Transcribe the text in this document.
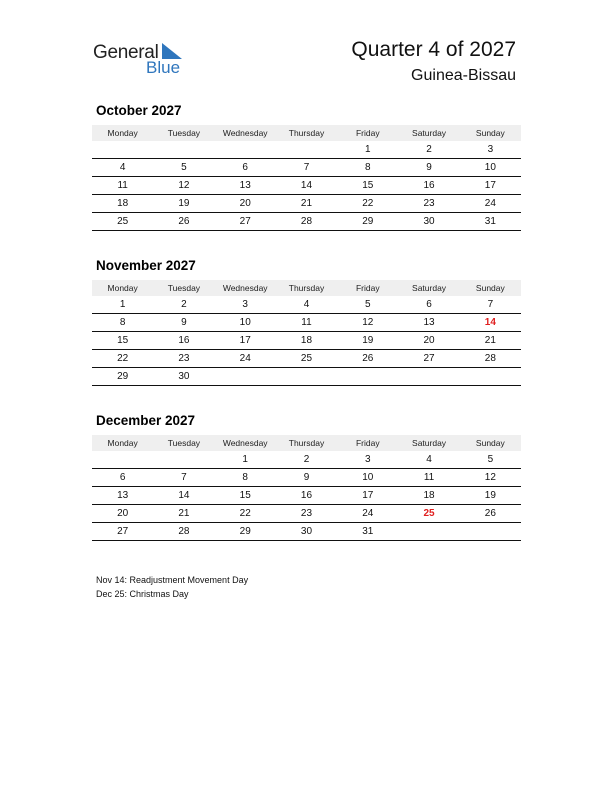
General
Blue
Quarter 4 of 2027
Guinea-Bissau
October 2027
Monday	Tuesday	Wednesday	Thursday	Friday	Saturday	Sunday
				1	2	3
4	5	6	7	8	9	10
11	12	13	14	15	16	17
18	19	20	21	22	23	24
25	26	27	28	29	30	31
November 2027
Monday	Tuesday	Wednesday	Thursday	Friday	Saturday	Sunday
1	2	3	4	5	6	7
8	9	10	11	12	13	14
15	16	17	18	19	20	21
22	23	24	25	26	27	28
29	30					
December 2027
Monday	Tuesday	Wednesday	Thursday	Friday	Saturday	Sunday
		1	2	3	4	5
6	7	8	9	10	11	12
13	14	15	16	17	18	19
20	21	22	23	24	25	26
27	28	29	30	31		
Nov 14: Readjustment Movement Day
Dec 25: Christmas Day
